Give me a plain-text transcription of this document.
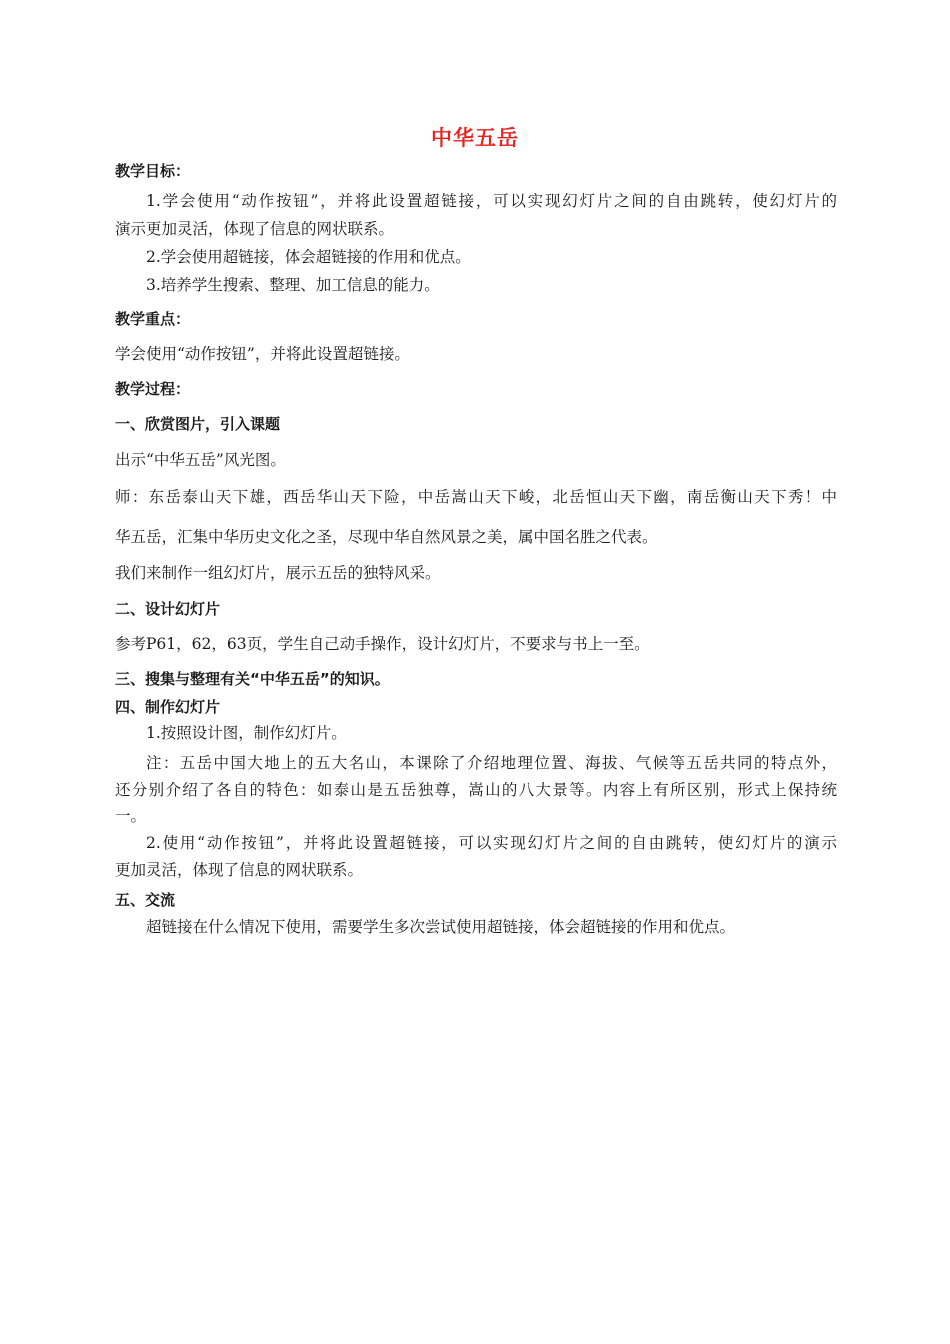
中华五岳
教学目标：
1.学会使用“动作按钮”，并将此设置超链接，可以实现幻灯片之间的自由跳转，使幻灯片的
演示更加灵活，体现了信息的网状联系。
2.学会使用超链接，体会超链接的作用和优点。
3.培养学生搜索、整理、加工信息的能力。
教学重点：
学会使用“动作按钮”，并将此设置超链接。
教学过程：
一、欣赏图片，引入课题
出示“中华五岳”风光图。
师：东岳泰山天下雄，西岳华山天下险，中岳嵩山天下峻，北岳恒山天下幽，南岳衡山天下秀！中
华五岳，汇集中华历史文化之圣，尽现中华自然风景之美，属中国名胜之代表。
我们来制作一组幻灯片，展示五岳的独特风采。
二、设计幻灯片
参考P61，62，63页，学生自己动手操作，设计幻灯片，不要求与书上一至。
三、搜集与整理有关“中华五岳”的知识。
四、制作幻灯片
1.按照设计图，制作幻灯片。
注：五岳中国大地上的五大名山，本课除了介绍地理位置、海拔、气候等五岳共同的特点外，
还分别介绍了各自的特色：如泰山是五岳独尊，嵩山的八大景等。内容上有所区别，形式上保持统
一。
2.使用“动作按钮”，并将此设置超链接，可以实现幻灯片之间的自由跳转，使幻灯片的演示
更加灵活，体现了信息的网状联系。
五、交流
超链接在什么情况下使用，需要学生多次尝试使用超链接，体会超链接的作用和优点。
